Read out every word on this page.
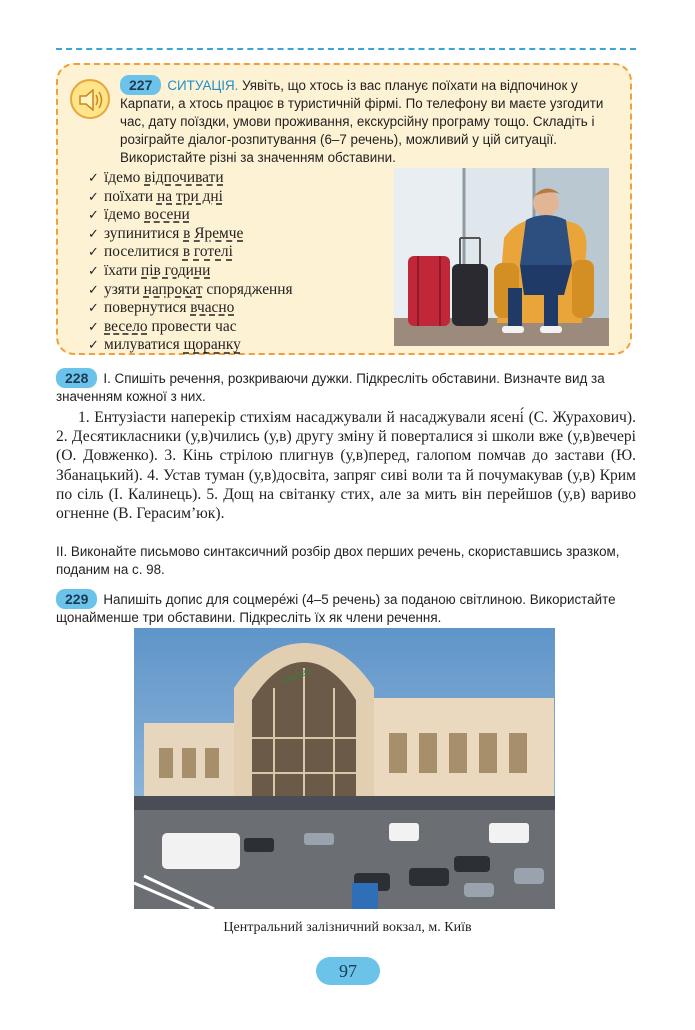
227 СИТУАЦІЯ. Уявіть, що хтось із вас планує поїхати на відпочинок у Карпати, а хтось працює в туристичній фірмі. По телефону ви маєте узгодити час, дату поїздки, умови проживання, екскурсійну програму тощо. Складіть і розіграйте діалог-розпитування (6–7 речень), можливий у цій ситуації. Використайте різні за значенням обставини.
✓ їдемо відпочивати
✓ поїхати на три дні
✓ їдемо восени
✓ зупинитися в Яремче
✓ поселитися в готелі
✓ їхати пів години
✓ узяти напрокат спорядження
✓ повернутися вчасно
✓ весело провести час
✓ милуватися щоранку
228 I. Спишіть речення, розкриваючи дужки. Підкресліть обставини. Визначте вид за значенням кожної з них.

1. Ентузіасти наперекір стихіям насаджували й насаджували ясені́ (С. Журахович). 2. Десятикласники (у,в)чились (у,в) другу зміну й поверталися зі школи вже (у,в)вечері (О. Довженко). 3. Кінь стрілою плигнув (у,в)перед, галопом помчав до застави (Ю. Збанацький). 4. Устав туман (у,в)досвіта, запряг сиві воли та й почумакував (у,в) Крим по сіль (І. Калинець). 5. Дощ на світанку стих, але за мить він перейшов (у,в) вариво огненне (В. Герасим’юк).

II. Виконайте письмово синтаксичний розбір двох перших речень, скориставшись зразком, поданим на с. 98.
229 Напишіть допис для соцмере́жі (4–5 речень) за поданою світлиною. Використайте щонайменше три обставини. Підкресліть їх як члени речення.
вокзал
Центральний залізничний вокзал, м. Київ
97
